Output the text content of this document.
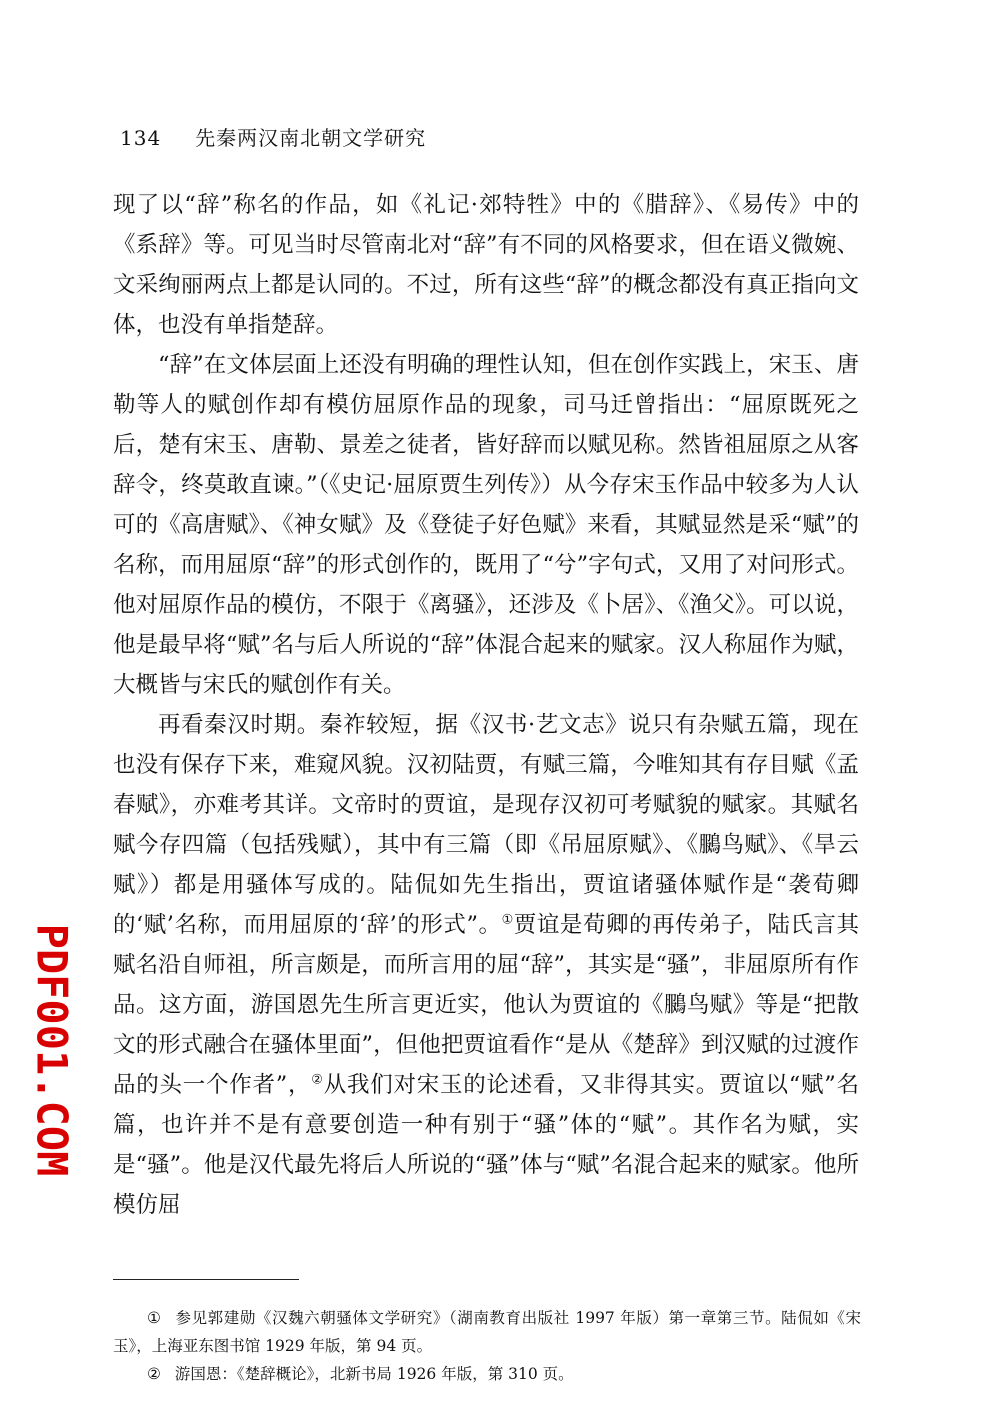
134 先秦两汉南北朝文学研究

现了以“辞”称名的作品，如《礼记·郊特牲》中的《腊辞》、《易传》中的《系辞》等。可见当时尽管南北对“辞”有不同的风格要求，但在语义微婉、文采绚丽两点上都是认同的。不过，所有这些“辞”的概念都没有真正指向文体，也没有单指楚辞。

“辞”在文体层面上还没有明确的理性认知，但在创作实践上，宋玉、唐勒等人的赋创作却有模仿屈原作品的现象，司马迁曾指出：“屈原既死之后，楚有宋玉、唐勒、景差之徒者，皆好辞而以赋见称。然皆祖屈原之从客辞令，终莫敢直谏。”（《史记·屈原贾生列传》）从今存宋玉作品中较多为人认可的《高唐赋》、《神女赋》及《登徒子好色赋》来看，其赋显然是采“赋”的名称，而用屈原“辞”的形式创作的，既用了“兮”字句式，又用了对问形式。他对屈原作品的模仿，不限于《离骚》，还涉及《卜居》、《渔父》。可以说，他是最早将“赋”名与后人所说的“辞”体混合起来的赋家。汉人称屈作为赋，大概皆与宋氏的赋创作有关。

再看秦汉时期。秦祚较短，据《汉书·艺文志》说只有杂赋五篇，现在也没有保存下来，难窥风貌。汉初陆贾，有赋三篇，今唯知其有存目赋《孟春赋》，亦难考其详。文帝时的贾谊，是现存汉初可考赋貌的赋家。其赋名赋今存四篇（包括残赋），其中有三篇（即《吊屈原赋》、《鵩鸟赋》、《旱云赋》）都是用骚体写成的。陆侃如先生指出，贾谊诸骚体赋作是“袭荀卿的‘赋’名称，而用屈原的‘辞’的形式”。①贾谊是荀卿的再传弟子，陆氏言其赋名沿自师祖，所言颇是，而所言用的屈“辞”，其实是“骚”，非屈原所有作品。这方面，游国恩先生所言更近实，他认为贾谊的《鵩鸟赋》等是“把散文的形式融合在骚体里面”，但他把贾谊看作“是从《楚辞》到汉赋的过渡作品的头一个作者”，②从我们对宋玉的论述看，又非得其实。贾谊以“赋”名篇，也许并不是有意要创造一种有别于“骚”体的“赋”。其作名为赋，实是“骚”。他是汉代最先将后人所说的“骚”体与“赋”名混合起来的赋家。他所模仿屈

① 参见郭建勋《汉魏六朝骚体文学研究》（湖南教育出版社 1997 年版）第一章第三节。陆侃如《宋玉》，上海亚东图书馆 1929 年版，第 94 页。

② 游国恩：《楚辞概论》，北新书局 1926 年版，第 310 页。

PDF001.COM
